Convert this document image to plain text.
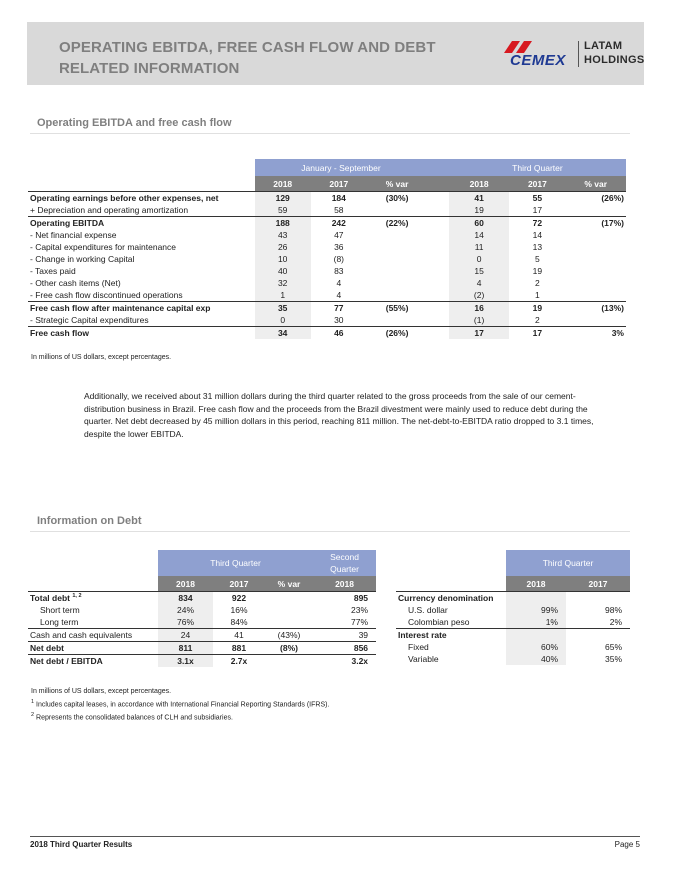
OPERATING EBITDA, FREE CASH FLOW AND DEBT
RELATED INFORMATION	CEMEX
LATAM
HOLDINGS
Operating EBITDA and free cash flow
	January - September				Third Quarter		
	2018	2017	% var		2018	2017	% var
Operating earnings before other expenses, net	129	184	(30%)		41	55	(26%)
+ Depreciation and operating amortization	59	58			19	17	
Operating EBITDA	188	242	(22%)		60	72	(17%)
- Net financial expense	43	47			14	14	
- Capital expenditures for maintenance	26	36			11	13	
- Change in working Capital	10	(8)			0	5	
- Taxes paid	40	83			15	19	
- Other cash items (Net)	32	4			4	2	
- Free cash flow discontinued operations	1	4			(2)	1	
Free cash flow after maintenance capital exp	35	77	(55%)		16	19	(13%)
- Strategic Capital expenditures	0	30			(1)	2	
Free cash flow	34	46	(26%)		17	17	3%
In millions of US dollars, except percentages.
Additionally, we received about 31 million dollars during the third quarter related to the gross proceeds from the sale of our cement-distribution business in Brazil. Free cash flow and the proceeds from the Brazil divestment were mainly used to reduce debt during the quarter. Net debt decreased by 45 million dollars in this period, reaching 811 million. The net-debt-to-EBITDA ratio dropped to 3.1 times, despite the lower EBITDA.
Information on Debt
	Third Quarter			Second
Quarter

	2018	2017	% var	2018
Total debt $^{1, 2}$	834	922		895
Short term	24%	16%		23%
Long term	76%	84%		77%
Cash and cash equivalents	24	41	(43%)	39
Net debt	811	881	(8%)	856
Net debt / EBITDA	3.1x	2.7x		3.2x
	Third Quarter	
	2018	2017
Currency denomination		
U.S. dollar	99%	98%
Colombian peso	1%	2%
Interest rate		
Fixed	60%	65%
Variable	40%	35%
In millions of US dollars, except percentages.
$^1$ Includes capital leases, in accordance with International Financial Reporting Standards (IFRS).
$^2$ Represents the consolidated balances of CLH and subsidiaries.
2018 Third Quarter Results	Page 5
